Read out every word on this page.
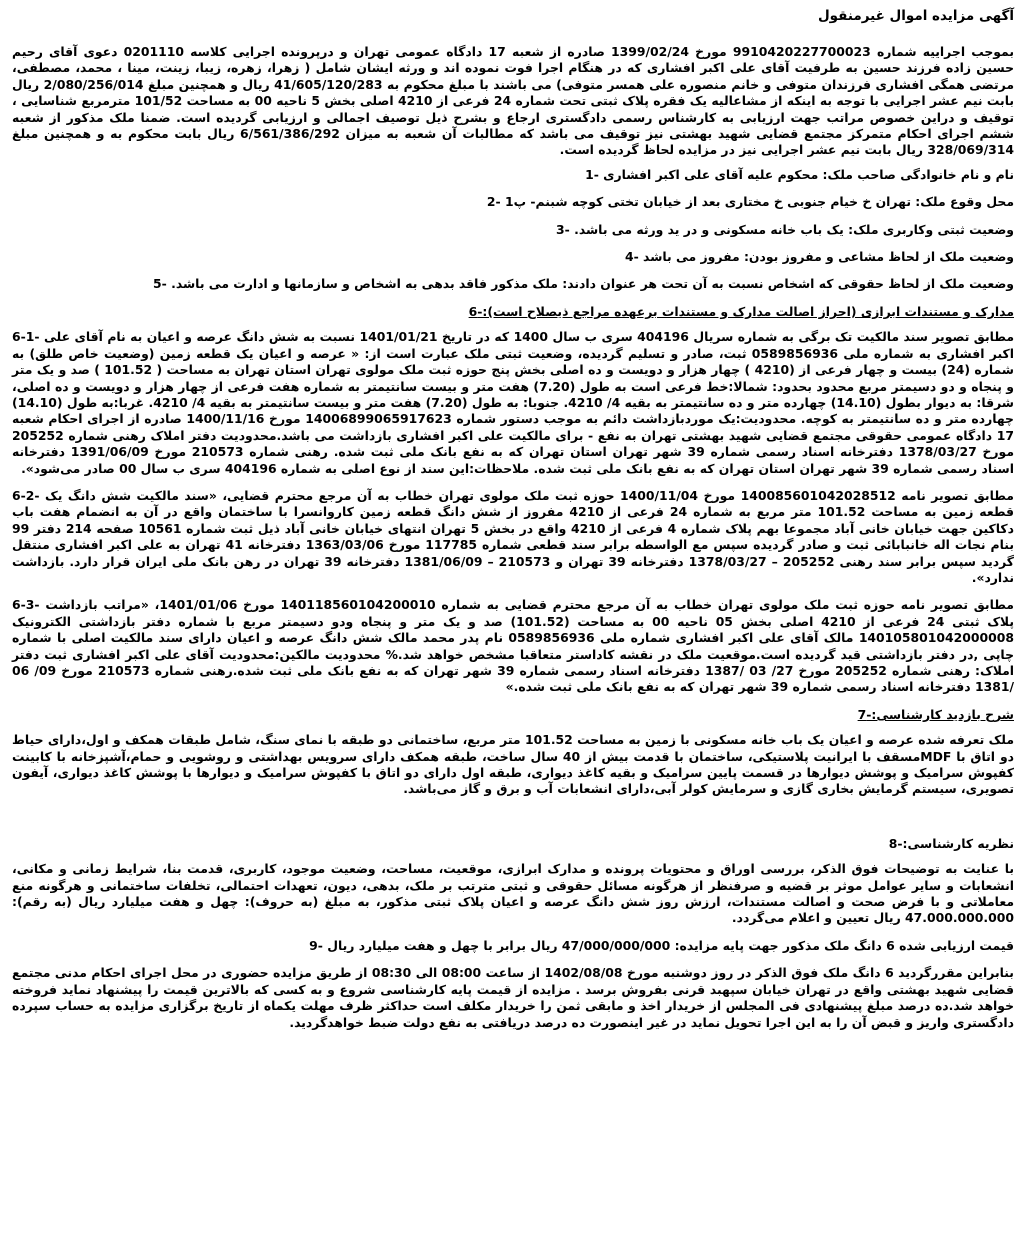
آگهی مزایده اموال غیرمنقول

بموجب اجراییه شماره 9910420227700023 مورخ 1399/02/24 صادره از شعبه 17 دادگاه عمومی تهران و درپرونده اجرایی کلاسه 0201110 دعوی آقای رحیم حسین زاده فرزند حسین به طرفیت آقای علی اکبر افشاری که در هنگام اجرا فوت نموده اند و ورثه ایشان شامل ( زهرا، زهره، زیبا، زینت، مینا ، محمد، مصطفی، مرتضی همگی افشاری فرزندان متوفی و خانم منصوره علی همسر متوفی) می باشند با مبلغ محکوم به 41/605/120/283 ریال و همچنین مبلغ 2/080/256/014 ریال بابت نیم عشر اجرایی با توجه به اینکه از مشاعالیه یک فقره پلاک ثبتی تحت شماره 24 فرعی از 4210 اصلی بخش 5 ناحیه 00 به مساحت 101/52 مترمربع شناسایی ، توقیف و دراین خصوص مراتب جهت ارزیابی به کارشناس رسمی دادگستری ارجاع و بشرح ذیل توصیف اجمالی و ارزیابی گردیده است. ضمنا ملک مذکور از شعبه ششم اجرای احکام متمرکز مجتمع قضایی شهید بهشتی نیز توقیف می باشد که مطالبات آن شعبه به میزان 6/561/386/292 ریال بابت محکوم به و همچنین مبلغ 328/069/314 ریال بابت نیم عشر اجرایی نیز در مزایده لحاظ گردیده است.

نام و نام خانوادگی صاحب ملک: محکوم علیه آقای علی اکبر افشاری -1

محل وقوع ملک: تهران خ خیام جنوبی خ مختاری بعد از خیابان تختی کوچه شبنم- پ1 -2

وضعیت ثبتی وکاربری ملک: یک باب خانه مسکونی و در ید ورثه می باشد. -3

وضعیت ملک از لحاظ مشاعی و مفروز بودن: مفروز می باشد -4

وضعیت ملک از لحاظ حقوقی که اشخاص نسبت به آن تحت هر عنوان دادند: ملک مذکور فاقد بدهی به اشخاص و سازمانها و ادارت می باشد. -5

مدارک و مستندات ابرازی (احراز اصالت مدارک و مستندات برعهده مراجع ذیصلاح است):-6

مطابق تصویر سند مالکیت تک برگی به شماره سریال 404196 سری ب سال 1400 که در تاریخ 1401/01/21 نسبت به شش دانگ عرصه و اعیان به نام آقای علی -1-6 اکبر افشاری به شماره ملی 0589856936 ثبت، صادر و تسلیم گردیده، وضعیت ثبتی ملک عبارت است از: « عرصه و اعیان یک قطعه زمین (وضعیت خاص طلق) به شماره (24) بیست و چهار فرعی از (4210 ) چهار هزار و دویست و ده اصلی بخش پنج حوزه ثبت ملک مولوی تهران استان تهران به مساحت ( 101.52 ) صد و یک متر و پنجاه و دو دسیمتر مربع محدود بحدود: شمالا:خط فرعی است به طول (7.20) هفت متر و بیست سانتیمتر به شماره هفت فرعی از چهار هزار و دویست و ده اصلی، شرقا: به دیوار بطول (14.10) چهارده متر و ده سانتیمتر به بقیه 4/ 4210. جنوبا: به طول (7.20) هفت متر و بیست سانتیمتر به بقیه 4/ 4210. غربا:به طول (14.10) چهارده متر و ده سانتیمتر به کوچه. محدودیت:یک موردبازداشت دائم به موجب دستور شماره 14006899065917623 مورخ 1400/11/16 صادره از اجرای احکام شعبه 17 دادگاه عمومی حقوقی مجتمع قضایی شهید بهشتی تهران به نفع - برای مالکیت علی اکبر افشاری بازداشت می باشد.محدودیت دفتر املاک رهنی شماره 205252 مورخ 1378/03/27 دفترخانه اسناد رسمی شماره 39 شهر تهران استان تهران که به نفع بانک ملی ثبت شده. رهنی شماره 210573 مورخ 1391/06/09 دفترخانه اسناد رسمی شماره 39 شهر تهران استان تهران که به نفع بانک ملی ثبت شده. ملاحظات:این سند از نوع اصلی به شماره 404196 سری ب سال 00 صادر می‌شود».

مطابق تصویر نامه 140085601042028512 مورخ 1400/11/04 حوزه ثبت ملک مولوی تهران خطاب به آن مرجع محترم قضایی، «سند مالکیت شش دانگ یک -2-6 قطعه زمین به مساحت 101.52 متر مربع به شماره 24 فرعی از 4210 مفروز از شش دانگ قطعه زمین کاروانسرا با ساختمان واقع در آن به انضمام هفت باب دکاکین جهت خیابان خانی آباد مجموعا بهم پلاک شماره 4 فرعی از 4210 واقع در بخش 5 تهران انتهای خیابان خانی آباد ذیل ثبت شماره 10561 صفحه 214 دفتر 99 بنام نجات اله خانبابائی ثبت و صادر گردیده سپس مع الواسطه برابر سند قطعی شماره 117785 مورخ 1363/03/06 دفترخانه 41 تهران به علی اکبر افشاری منتقل گردید سپس برابر سند رهنی 205252 – 1378/03/27 دفترخانه 39 تهران و 210573 – 1381/06/09 دفترخانه 39 تهران در رهن بانک ملی ایران قرار دارد. بازداشت ندارد».

مطابق تصویر نامه حوزه ثبت ملک مولوی تهران خطاب به آن مرجع محترم قضایی به شماره 140118560104200010 مورخ 1401/01/06، «مراتب بازداشت -3-6 پلاک ثبتی 24 فرعی از 4210 اصلی بخش 05 ناحیه 00 به مساحت (101.52) صد و یک متر و پنجاه ودو دسیمتر مربع با شماره دفتر بازداشتی الکترونیک 140105801042000008 مالک آقای علی اکبر افشاری شماره ملی 0589856936 نام پدر محمد مالک شش دانگ عرصه و اعیان دارای سند مالکیت اصلی با شماره چاپی ,در دفتر بازداشتی قید گردیده است.موقعیت ملک در نقشه کاداستر متعاقبا مشخص خواهد شد.% محدودیت مالکین:محدودیت آقای علی اکبر افشاری ثبت دفتر املاک: رهنی شماره 205252 مورخ 27/ 03 /1387 دفترخانه اسناد رسمی شماره 39 شهر تهران که به نفع بانک ملی ثبت شده.رهنی شماره 210573 مورخ 09/ 06 /1381 دفترخانه اسناد رسمی شماره 39 شهر تهران که به نفع بانک ملی ثبت شده.»

شرح بازدید کارشناسی:-7

ملک تعرفه شده عرصه و اعیان یک باب خانه مسکونی با زمین به مساحت 101.52 متر مربع، ساختمانی دو طبقه با نمای سنگ، شامل طبقات همکف و اول،دارای حیاط دو اتاق با MDFمسقف با ایرانیت پلاستیکی، ساختمان با قدمت بیش از 40 سال ساخت، طبقه همکف دارای سرویس بهداشتی و روشویی و حمام،آشپزخانه با کابینت کفپوش سرامیک و پوشش دیوارها در قسمت پایین سرامیک و بقیه کاغذ دیواری، طبقه اول دارای دو اتاق با کفپوش سرامیک و دیوارها با پوشش کاغذ دیواری، آیفون تصویری، سیستم گرمایش بخاری گازی و سرمایش کولر آبی،دارای انشعابات آب و برق و گاز می‌باشد.

نظریه کارشناسی:-8

با عنایت به توضیحات فوق الذکر، بررسی اوراق و محتویات پرونده و مدارک ابرازی، موقعیت، مساحت، وضعیت موجود، کاربری، قدمت بنا، شرایط زمانی و مکانی، انشعابات و سایر عوامل موثر بر قضیه و صرفنظر از هرگونه مسائل حقوقی و ثبتی مترتب بر ملک، بدهی، دیون، تعهدات احتمالی، تخلفات ساختمانی و هرگونه منع معاملاتی و با فرض صحت و اصالت مستندات، ارزش روز شش دانگ عرصه و اعیان پلاک ثبتی مذکور، به مبلغ (به حروف): چهل و هفت میلیارد ریال (به رقم): 47.000.000.000 ریال تعیین و اعلام می‌گردد.

قیمت ارزیابی شده 6 دانگ ملک مذکور جهت پایه مزایده: 47/000/000/000 ریال برابر با چهل و هفت میلیارد ریال -9

بنابراین مقررگردید 6 دانگ ملک فوق الذکر در روز دوشنبه مورخ 1402/08/08 از ساعت 08:00 الی 08:30 از طریق مزایده حضوری در محل اجرای احکام مدنی مجتمع قضایی شهید بهشتی واقع در تهران خیابان سپهبد قرنی بفروش برسد . مزایده از قیمت پایه کارشناسی شروع و به کسی که بالاترین قیمت را پیشنهاد نماید فروخته خواهد شد.ده درصد مبلغ پیشنهادی فی المجلس از خریدار اخذ و مابقی ثمن را خریدار مکلف است حداکثر ظرف مهلت یکماه از تاریخ برگزاری مزایده به حساب سپرده دادگستری واریز و قبض آن را به این اجرا تحویل نماید در غیر اینصورت ده درصد دریافتی به نفع دولت ضبط خواهدگردید.
